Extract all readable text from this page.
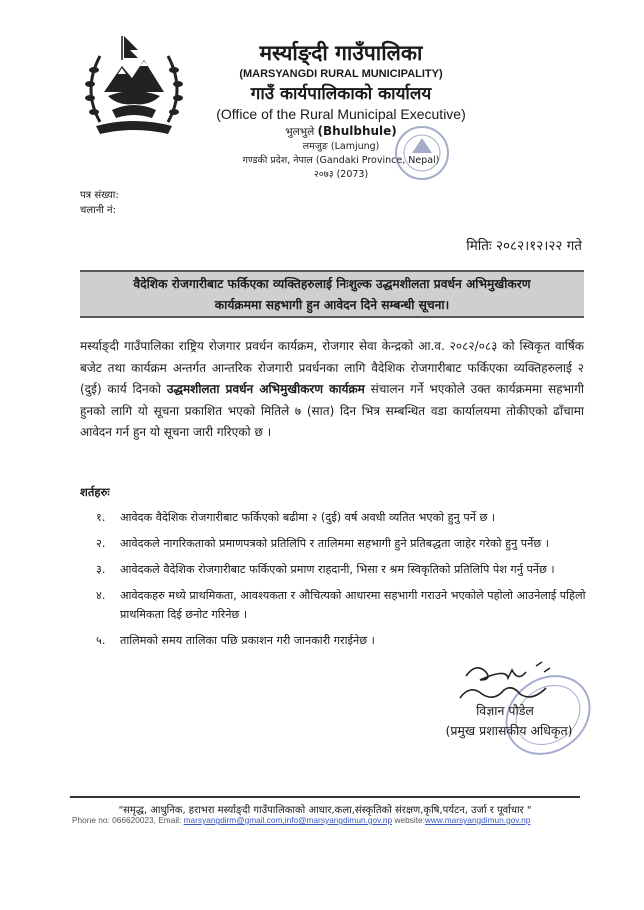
मर्स्याङ्दी गाउँपालिका
(MARSYANGDI RURAL MUNICIPALITY)
गाउँ कार्यपालिकाको कार्यालय
(Office of the Rural Municipal Executive)
भुलभुले (Bhulbhule)
लमजुङ (Lamjung)
गण्डकी प्रदेश, नेपाल (Gandaki Province, Nepal)
२०७३ (2073)
पत्र संख्या:
चलानी नं:
मितिः २०८२।१२।२२ गते
वैदेशिक रोजगारीबाट फर्किएका व्यक्तिहरुलाई निःशुल्क उद्धमशीलता प्रवर्धन अभिमुखीकरण
कार्यक्रममा सहभागी हुन आवेदन दिने सम्बन्धी सूचना।

मर्स्याङ्दी गाउँपालिका राष्ट्रिय रोजगार प्रवर्धन कार्यक्रम, रोजगार सेवा केन्द्रको आ.व. २०८२/०८३ को स्विकृत वार्षिक बजेट तथा कार्यक्रम अन्तर्गत आन्तरिक रोजगारी प्रवर्धनका लागि वैदेशिक रोजगारीबाट फर्किएका व्यक्तिहरुलाई २ (दुई) कार्य दिनको उद्धमशीलता प्रवर्धन अभिमुखीकरण कार्यक्रम संचालन गर्ने भएकोले उक्त कार्यक्रममा सहभागी हुनको लागि यो सूचना प्रकाशित भएको मितिले ७ (सात) दिन भित्र सम्बन्धित वडा कार्यालयमा तोकीएको ढाँचामा आवेदन गर्न हुन यो सूचना जारी गरिएको छ ।

शर्तहरुः
१. आवेदक वैदेशिक रोजगारीबाट फर्किएको बढीमा २ (दुई) वर्ष अवधी व्यतित भएको हुनु पर्ने छ ।
२. आवेदकले नागरिकताको प्रमाणपत्रको प्रतिलिपि र तालिममा सहभागी हुने प्रतिबद्धता जाहेर गरेको हुनु पर्नेछ ।
३. आवेदकले वैदेशिक रोजगारीबाट फर्किएको प्रमाण राहदानी, भिसा र श्रम स्विकृतिको प्रतिलिपि पेश गर्नु पर्नेछ ।
४. आवेदकहरु मध्ये प्राथमिकता, आवश्यकता र औचित्यको आधारमा सहभागी गराउने भएकोले पहोलो आउनेलाई पहिलो प्राथमिकता दिई छनोट गरिनेछ ।
५. तालिमको समय तालिका पछि प्रकाशन गरी जानकारी गराईनेछ ।
विज्ञान पौडेल
(प्रमुख प्रशासकीय अधिकृत)
"समृद्ध, आधुनिक, हराभरा मर्स्याङ्दी गाउँपालिकाको आधार,कला,संस्कृतिको संरक्षण,कृषि,पर्यटन, उर्जा र पूर्वाधार "
Phone no: 066620023, Email: marsyangdirm@gmail.com,info@marsyangdimun.gov.np website:www.marsyangdimun.gov.np
